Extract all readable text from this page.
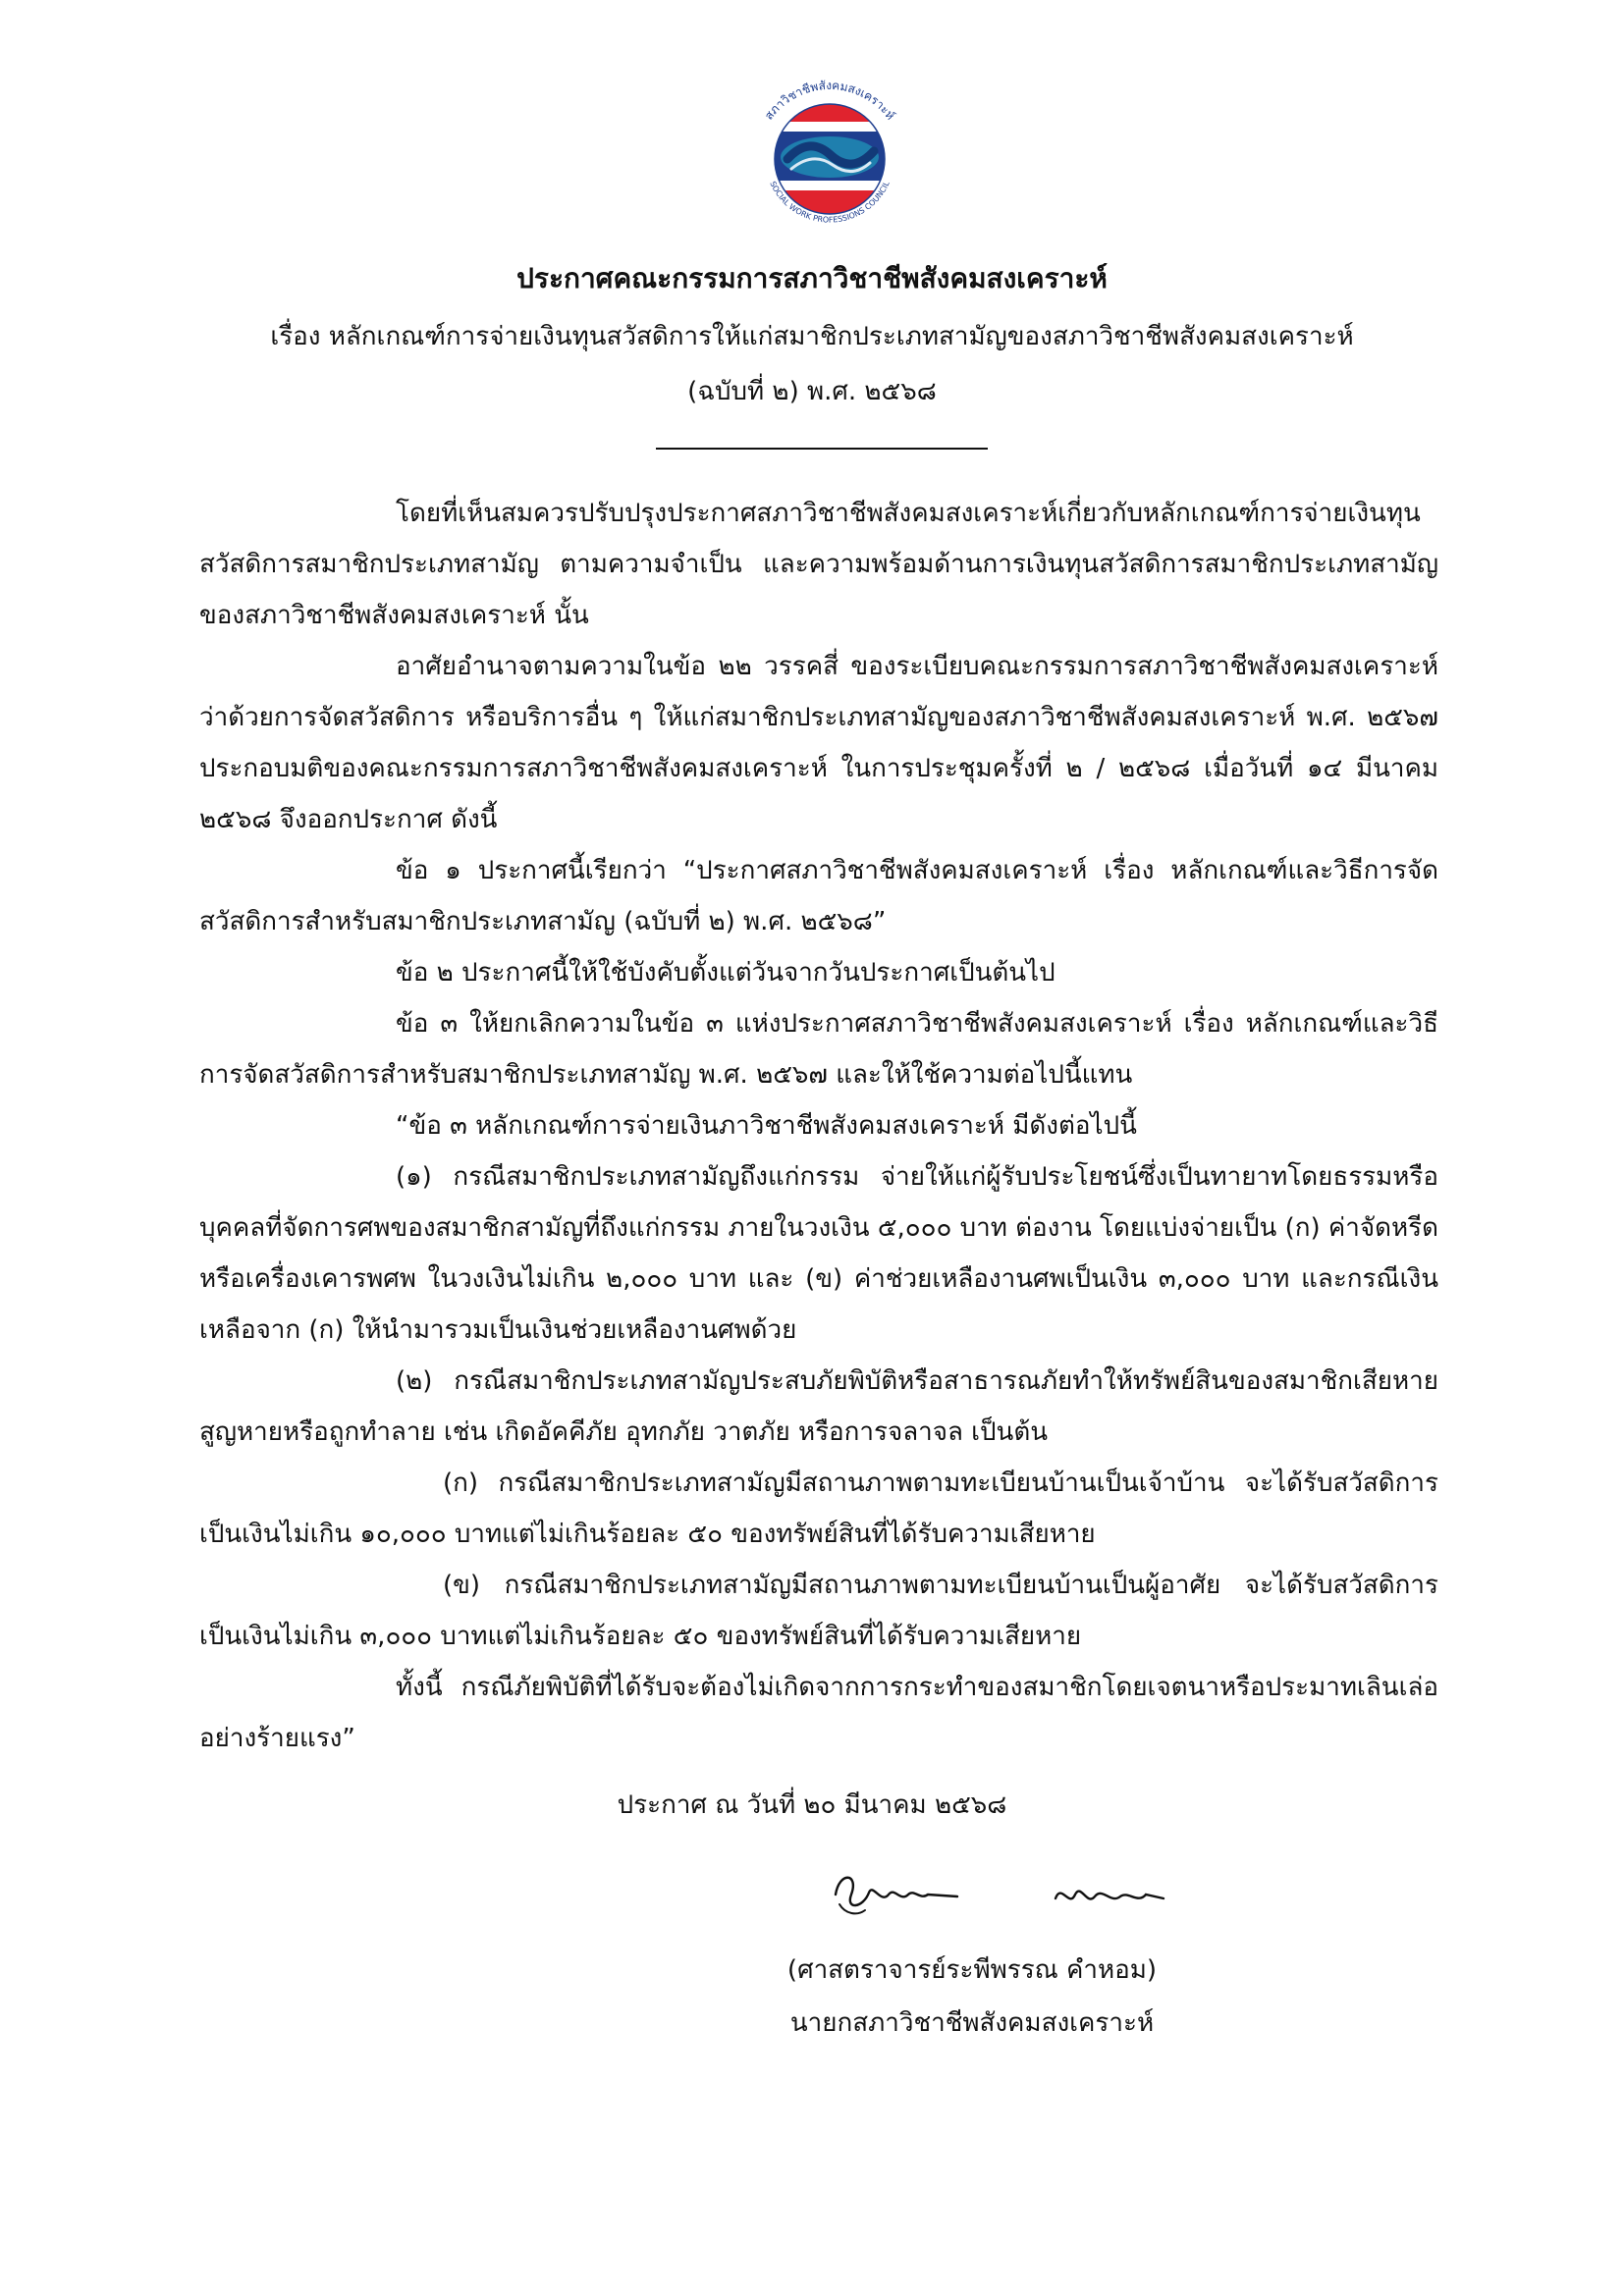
สภาวิชาชีพสังคมสงเคราะห์
SOCIAL WORK PROFESSIONS COUNCIL
ประกาศคณะกรรมการสภาวิชาชีพสังคมสงเคราะห์
เรื่อง หลักเกณฑ์การจ่ายเงินทุนสวัสดิการให้แก่สมาชิกประเภทสามัญของสภาวิชาชีพสังคมสงเคราะห์
(ฉบับที่ ๒) พ.ศ. ๒๕๖๘

โดยที่เห็นสมควรปรับปรุงประกาศสภาวิชาชีพสังคมสงเคราะห์เกี่ยวกับหลักเกณฑ์การจ่ายเงินทุนสวัสดิการสมาชิกประเภทสามัญ ตามความจำเป็น และความพร้อมด้านการเงินทุนสวัสดิการสมาชิกประเภทสามัญของสภาวิชาชีพสังคมสงเคราะห์ นั้น

อาศัยอำนาจตามความในข้อ ๒๒ วรรคสี่ ของระเบียบคณะกรรมการสภาวิชาชีพสังคมสงเคราะห์ ว่าด้วยการจัดสวัสดิการ หรือบริการอื่น ๆ ให้แก่สมาชิกประเภทสามัญของสภาวิชาชีพสังคมสงเคราะห์ พ.ศ. ๒๕๖๗ ประกอบมติของคณะกรรมการสภาวิชาชีพสังคมสงเคราะห์ ในการประชุมครั้งที่ ๒ / ๒๕๖๘ เมื่อวันที่ ๑๔ มีนาคม ๒๕๖๘ จึงออกประกาศ ดังนี้

ข้อ ๑ ประกาศนี้เรียกว่า “ประกาศสภาวิชาชีพสังคมสงเคราะห์ เรื่อง หลักเกณฑ์และวิธีการจัดสวัสดิการสำหรับสมาชิกประเภทสามัญ (ฉบับที่ ๒) พ.ศ. ๒๕๖๘”

ข้อ ๒ ประกาศนี้ให้ใช้บังคับตั้งแต่วันจากวันประกาศเป็นต้นไป

ข้อ ๓ ให้ยกเลิกความในข้อ ๓ แห่งประกาศสภาวิชาชีพสังคมสงเคราะห์ เรื่อง หลักเกณฑ์และวิธีการจัดสวัสดิการสำหรับสมาชิกประเภทสามัญ พ.ศ. ๒๕๖๗ และให้ใช้ความต่อไปนี้แทน

“ข้อ ๓ หลักเกณฑ์การจ่ายเงินภาวิชาชีพสังคมสงเคราะห์ มีดังต่อไปนี้

(๑) กรณีสมาชิกประเภทสามัญถึงแก่กรรม จ่ายให้แก่ผู้รับประโยชน์ซึ่งเป็นทายาทโดยธรรมหรือบุคคลที่จัดการศพของสมาชิกสามัญที่ถึงแก่กรรม ภายในวงเงิน ๕,๐๐๐ บาท ต่องาน โดยแบ่งจ่ายเป็น (ก) ค่าจัดหรีดหรือเครื่องเคารพศพ ในวงเงินไม่เกิน ๒,๐๐๐ บาท และ (ข) ค่าช่วยเหลืองานศพเป็นเงิน ๓,๐๐๐ บาท และกรณีเงินเหลือจาก (ก) ให้นำมารวมเป็นเงินช่วยเหลืองานศพด้วย

(๒) กรณีสมาชิกประเภทสามัญประสบภัยพิบัติหรือสาธารณภัยทำให้ทรัพย์สินของสมาชิกเสียหาย สูญหายหรือถูกทำลาย เช่น เกิดอัคคีภัย อุทกภัย วาตภัย หรือการจลาจล เป็นต้น

(ก) กรณีสมาชิกประเภทสามัญมีสถานภาพตามทะเบียนบ้านเป็นเจ้าบ้าน จะได้รับสวัสดิการเป็นเงินไม่เกิน ๑๐,๐๐๐ บาทแต่ไม่เกินร้อยละ ๕๐ ของทรัพย์สินที่ได้รับความเสียหาย

(ข) กรณีสมาชิกประเภทสามัญมีสถานภาพตามทะเบียนบ้านเป็นผู้อาศัย จะได้รับสวัสดิการเป็นเงินไม่เกิน ๓,๐๐๐ บาทแต่ไม่เกินร้อยละ ๕๐ ของทรัพย์สินที่ได้รับความเสียหาย

ทั้งนี้ กรณีภัยพิบัติที่ได้รับจะต้องไม่เกิดจากการกระทำของสมาชิกโดยเจตนาหรือประมาทเลินเล่ออย่างร้ายแรง”

ประกาศ ณ วันที่ ๒๐ มีนาคม ๒๕๖๘
(ศาสตราจารย์ระพีพรรณ คำหอม)
นายกสภาวิชาชีพสังคมสงเคราะห์
